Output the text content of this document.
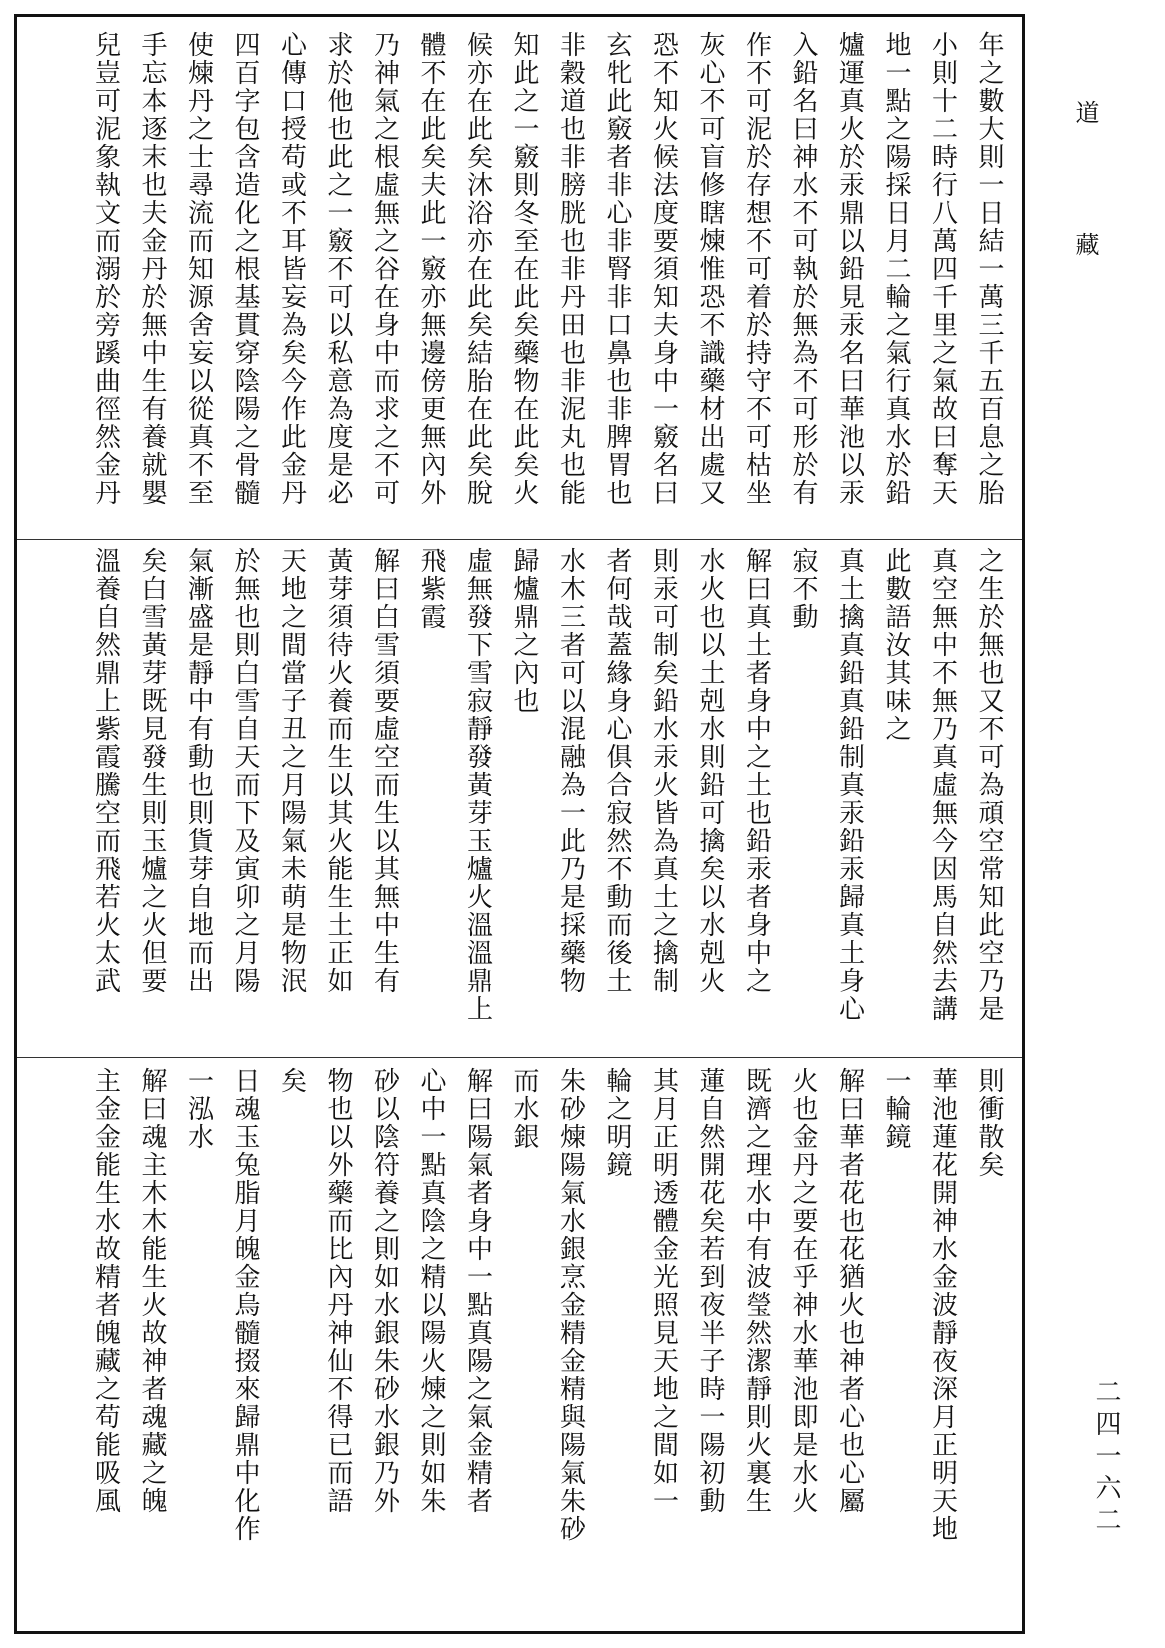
道
藏
二四一六二
年之數大則一日結一萬三千五百息之胎
小則十二時行八萬四千里之氣故曰奪天
地一點之陽採日月二輪之氣行真水於鉛
爐運真火於汞鼎以鉛見汞名曰華池以汞
入鉛名曰神水不可執於無為不可形於有
作不可泥於存想不可着於持守不可枯坐
灰心不可盲修瞎煉惟恐不識藥材出處又
恐不知火候法度要須知夫身中一竅名曰
玄牝此竅者非心非腎非口鼻也非脾胃也
非穀道也非膀胱也非丹田也非泥丸也能
知此之一竅則冬至在此矣藥物在此矣火
候亦在此矣沐浴亦在此矣結胎在此矣脫
體不在此矣夫此一竅亦無邊傍更無內外
乃神氣之根虛無之谷在身中而求之不可
求於他也此之一竅不可以私意為度是必
心傳口授苟或不耳皆妄為矣今作此金丹
四百字包含造化之根基貫穿陰陽之骨髓
使煉丹之士尋流而知源舍妄以從真不至
手忘本逐末也夫金丹於無中生有養就嬰
兒豈可泥象執文而溺於旁蹊曲徑然金丹
之生於無也又不可為頑空常知此空乃是
真空無中不無乃真虛無今因馬自然去講
此數語汝其味之
真土擒真鉛真鉛制真汞鉛汞歸真土身心
寂不動
解曰真土者身中之土也鉛汞者身中之
水火也以土剋水則鉛可擒矣以水剋火
則汞可制矣鉛水汞火皆為真土之擒制
者何哉蓋緣身心俱合寂然不動而後土
水木三者可以混融為一此乃是採藥物
歸爐鼎之內也
虛無發下雪寂靜發黃芽玉爐火溫溫鼎上
飛紫霞
解曰白雪須要虛空而生以其無中生有
黃芽須待火養而生以其火能生土正如
天地之間當子丑之月陽氣未萌是物泯
於無也則白雪自天而下及寅卯之月陽
氣漸盛是靜中有動也則貨芽自地而出
矣白雪黃芽既見發生則玉爐之火但要
溫養自然鼎上紫霞騰空而飛若火太武
則衝散矣
華池蓮花開神水金波靜夜深月正明天地
一輪鏡
解曰華者花也花猶火也神者心也心屬
火也金丹之要在乎神水華池即是水火
既濟之理水中有波瑩然潔靜則火裏生
蓮自然開花矣若到夜半子時一陽初動
其月正明透體金光照見天地之間如一
輪之明鏡
朱砂煉陽氣水銀烹金精金精與陽氣朱砂
而水銀
解曰陽氣者身中一點真陽之氣金精者
心中一點真陰之精以陽火煉之則如朱
砂以陰符養之則如水銀朱砂水銀乃外
物也以外藥而比內丹神仙不得已而語
矣
日魂玉兔脂月魄金烏髓掇來歸鼎中化作
一泓水
解曰魂主木木能生火故神者魂藏之魄
主金金能生水故精者魄藏之苟能吸風
